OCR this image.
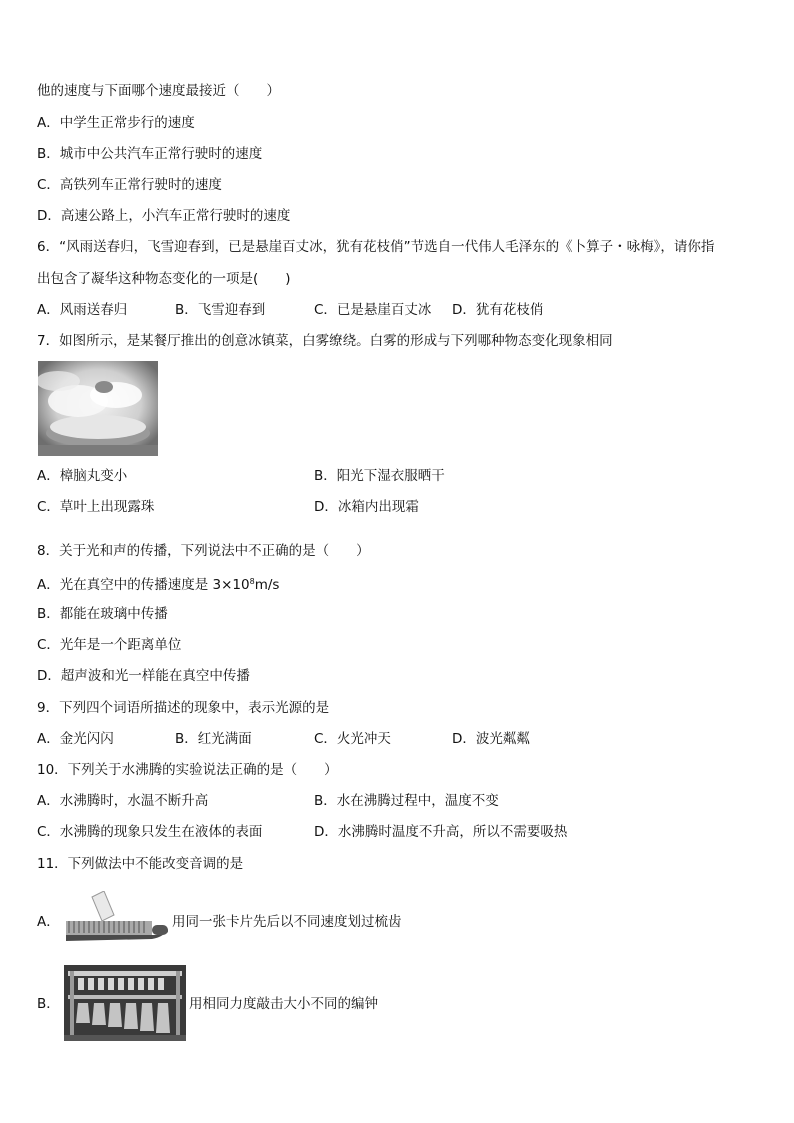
他的速度与下面哪个速度最接近（　　）
A．中学生正常步行的速度
B．城市中公共汽车正常行驶时的速度
C．高铁列车正常行驶时的速度
D．高速公路上，小汽车正常行驶时的速度
6．“风雨送春归，飞雪迎春到，已是悬崖百丈冰，犹有花枝俏”节选自一代伟人毛泽东的《卜算子・咏梅》，请你指
出包含了凝华这种物态变化的一项是(　　)
A．风雨送春归	B．飞雪迎春到	C．已是悬崖百丈冰 D．犹有花枝俏
7．如图所示，是某餐厅推出的创意冰镇菜，白雾缭绕。白雾的形成与下列哪种物态变化现象相同
A．樟脑丸变小	B．阳光下湿衣服晒干
C．草叶上出现露珠	D．冰箱内出现霜
8．关于光和声的传播，下列说法中不正确的是（　　）
A．光在真空中的传播速度是 $3\times 10^8m/s$
B．都能在玻璃中传播
C．光年是一个距离单位
D．超声波和光一样能在真空中传播
9．下列四个词语所描述的现象中，表示光源的是
A．金光闪闪	B．红光满面	C．火光冲天	D．波光粼粼
10．下列关于水沸腾的实验说法正确的是（　　）
A．水沸腾时，水温不断升高	B．水在沸腾过程中，温度不变
C．水沸腾的现象只发生在液体的表面	D．水沸腾时温度不升高，所以不需要吸热
11．下列做法中不能改变音调的是
A．	用同一张卡片先后以不同速度划过梳齿
B．	用相同力度敲击大小不同的编钟
